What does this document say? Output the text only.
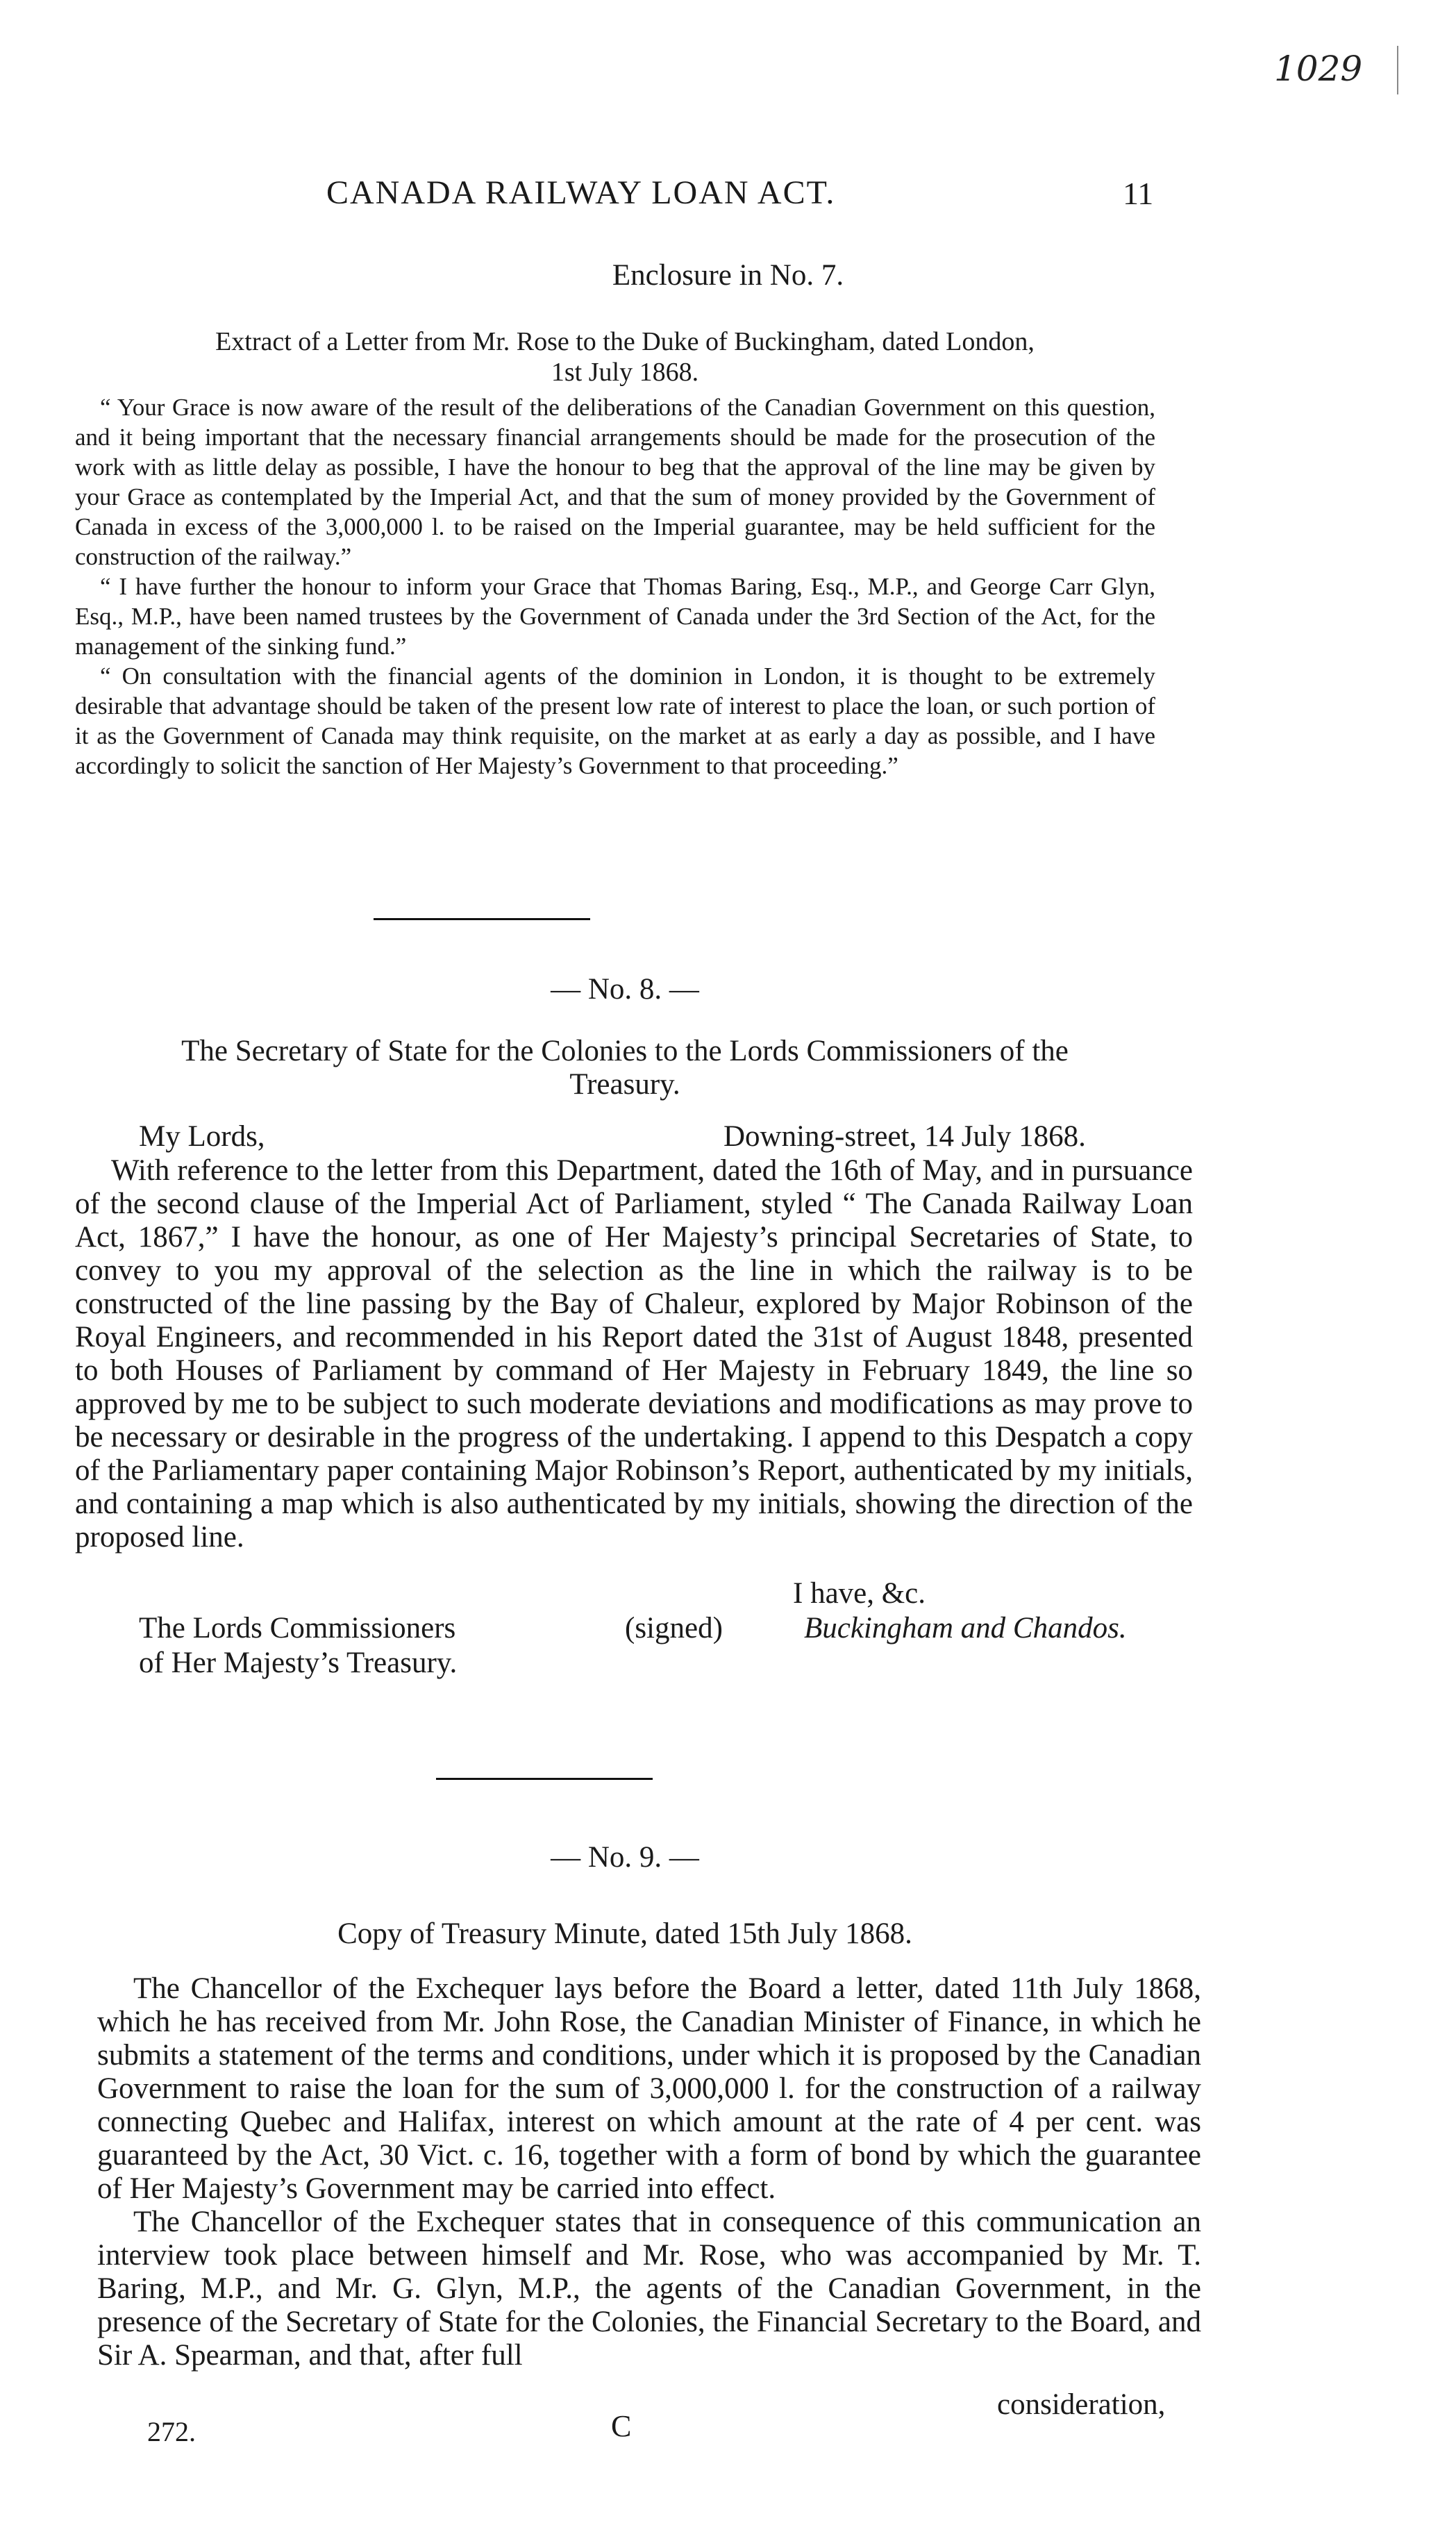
1029
CANADA RAILWAY LOAN ACT.	11
Enclosure in No. 7.
Extract of a Letter from Mr. Rose to the Duke of Buckingham, dated London,
1st July 1868.

“ Your Grace is now aware of the result of the deliberations of the Canadian Government on this question, and it being important that the necessary financial arrangements should be made for the prosecution of the work with as little delay as possible, I have the honour to beg that the approval of the line may be given by your Grace as contemplated by the Imperial Act, and that the sum of money provided by the Government of Canada in excess of the 3,000,000 l. to be raised on the Imperial guarantee, may be held sufficient for the construction of the railway.”

“ I have further the honour to inform your Grace that Thomas Baring, Esq., M.P., and George Carr Glyn, Esq., M.P., have been named trustees by the Government of Canada under the 3rd Section of the Act, for the management of the sinking fund.”

“ On consultation with the financial agents of the dominion in London, it is thought to be extremely desirable that advantage should be taken of the present low rate of interest to place the loan, or such portion of it as the Government of Canada may think requisite, on the market at as early a day as possible, and I have accordingly to solicit the sanction of Her Majesty’s Government to that proceeding.”

— No. 8. —
The Secretary of State for the Colonies to the Lords Commissioners of the
Treasury.
My Lords,	Downing-street, 14 July 1868.

With reference to the letter from this Department, dated the 16th of May, and in pursuance of the second clause of the Imperial Act of Parliament, styled “ The Canada Railway Loan Act, 1867,” I have the honour, as one of Her Majesty’s principal Secretaries of State, to convey to you my approval of the selection as the line in which the railway is to be constructed of the line passing by the Bay of Chaleur, explored by Major Robinson of the Royal Engineers, and recommended in his Report dated the 31st of August 1848, presented to both Houses of Parliament by command of Her Majesty in February 1849, the line so approved by me to be subject to such moderate deviations and modifications as may prove to be necessary or desirable in the progress of the undertaking. I append to this Despatch a copy of the Parliamentary paper containing Major Robinson’s Report, authenticated by my initials, and containing a map which is also authenticated by my initials, showing the direction of the proposed line.

I have, &c.
The Lords Commissioners	(signed)	Buckingham and Chandos.
of Her Majesty’s Treasury.
— No. 9. —
Copy of Treasury Minute, dated 15th July 1868.

The Chancellor of the Exchequer lays before the Board a letter, dated 11th July 1868, which he has received from Mr. John Rose, the Canadian Minister of Finance, in which he submits a statement of the terms and conditions, under which it is proposed by the Canadian Government to raise the loan for the sum of 3,000,000 l. for the construction of a railway connecting Quebec and Halifax, interest on which amount at the rate of 4 per cent. was guaranteed by the Act, 30 Vict. c. 16, together with a form of bond by which the guarantee of Her Majesty’s Government may be carried into effect.

The Chancellor of the Exchequer states that in consequence of this communication an interview took place between himself and Mr. Rose, who was accompanied by Mr. T. Baring, M.P., and Mr. G. Glyn, M.P., the agents of the Canadian Government, in the presence of the Secretary of State for the Colonies, the Financial Secretary to the Board, and Sir A. Spearman, and that, after full

272.	C
consideration,
